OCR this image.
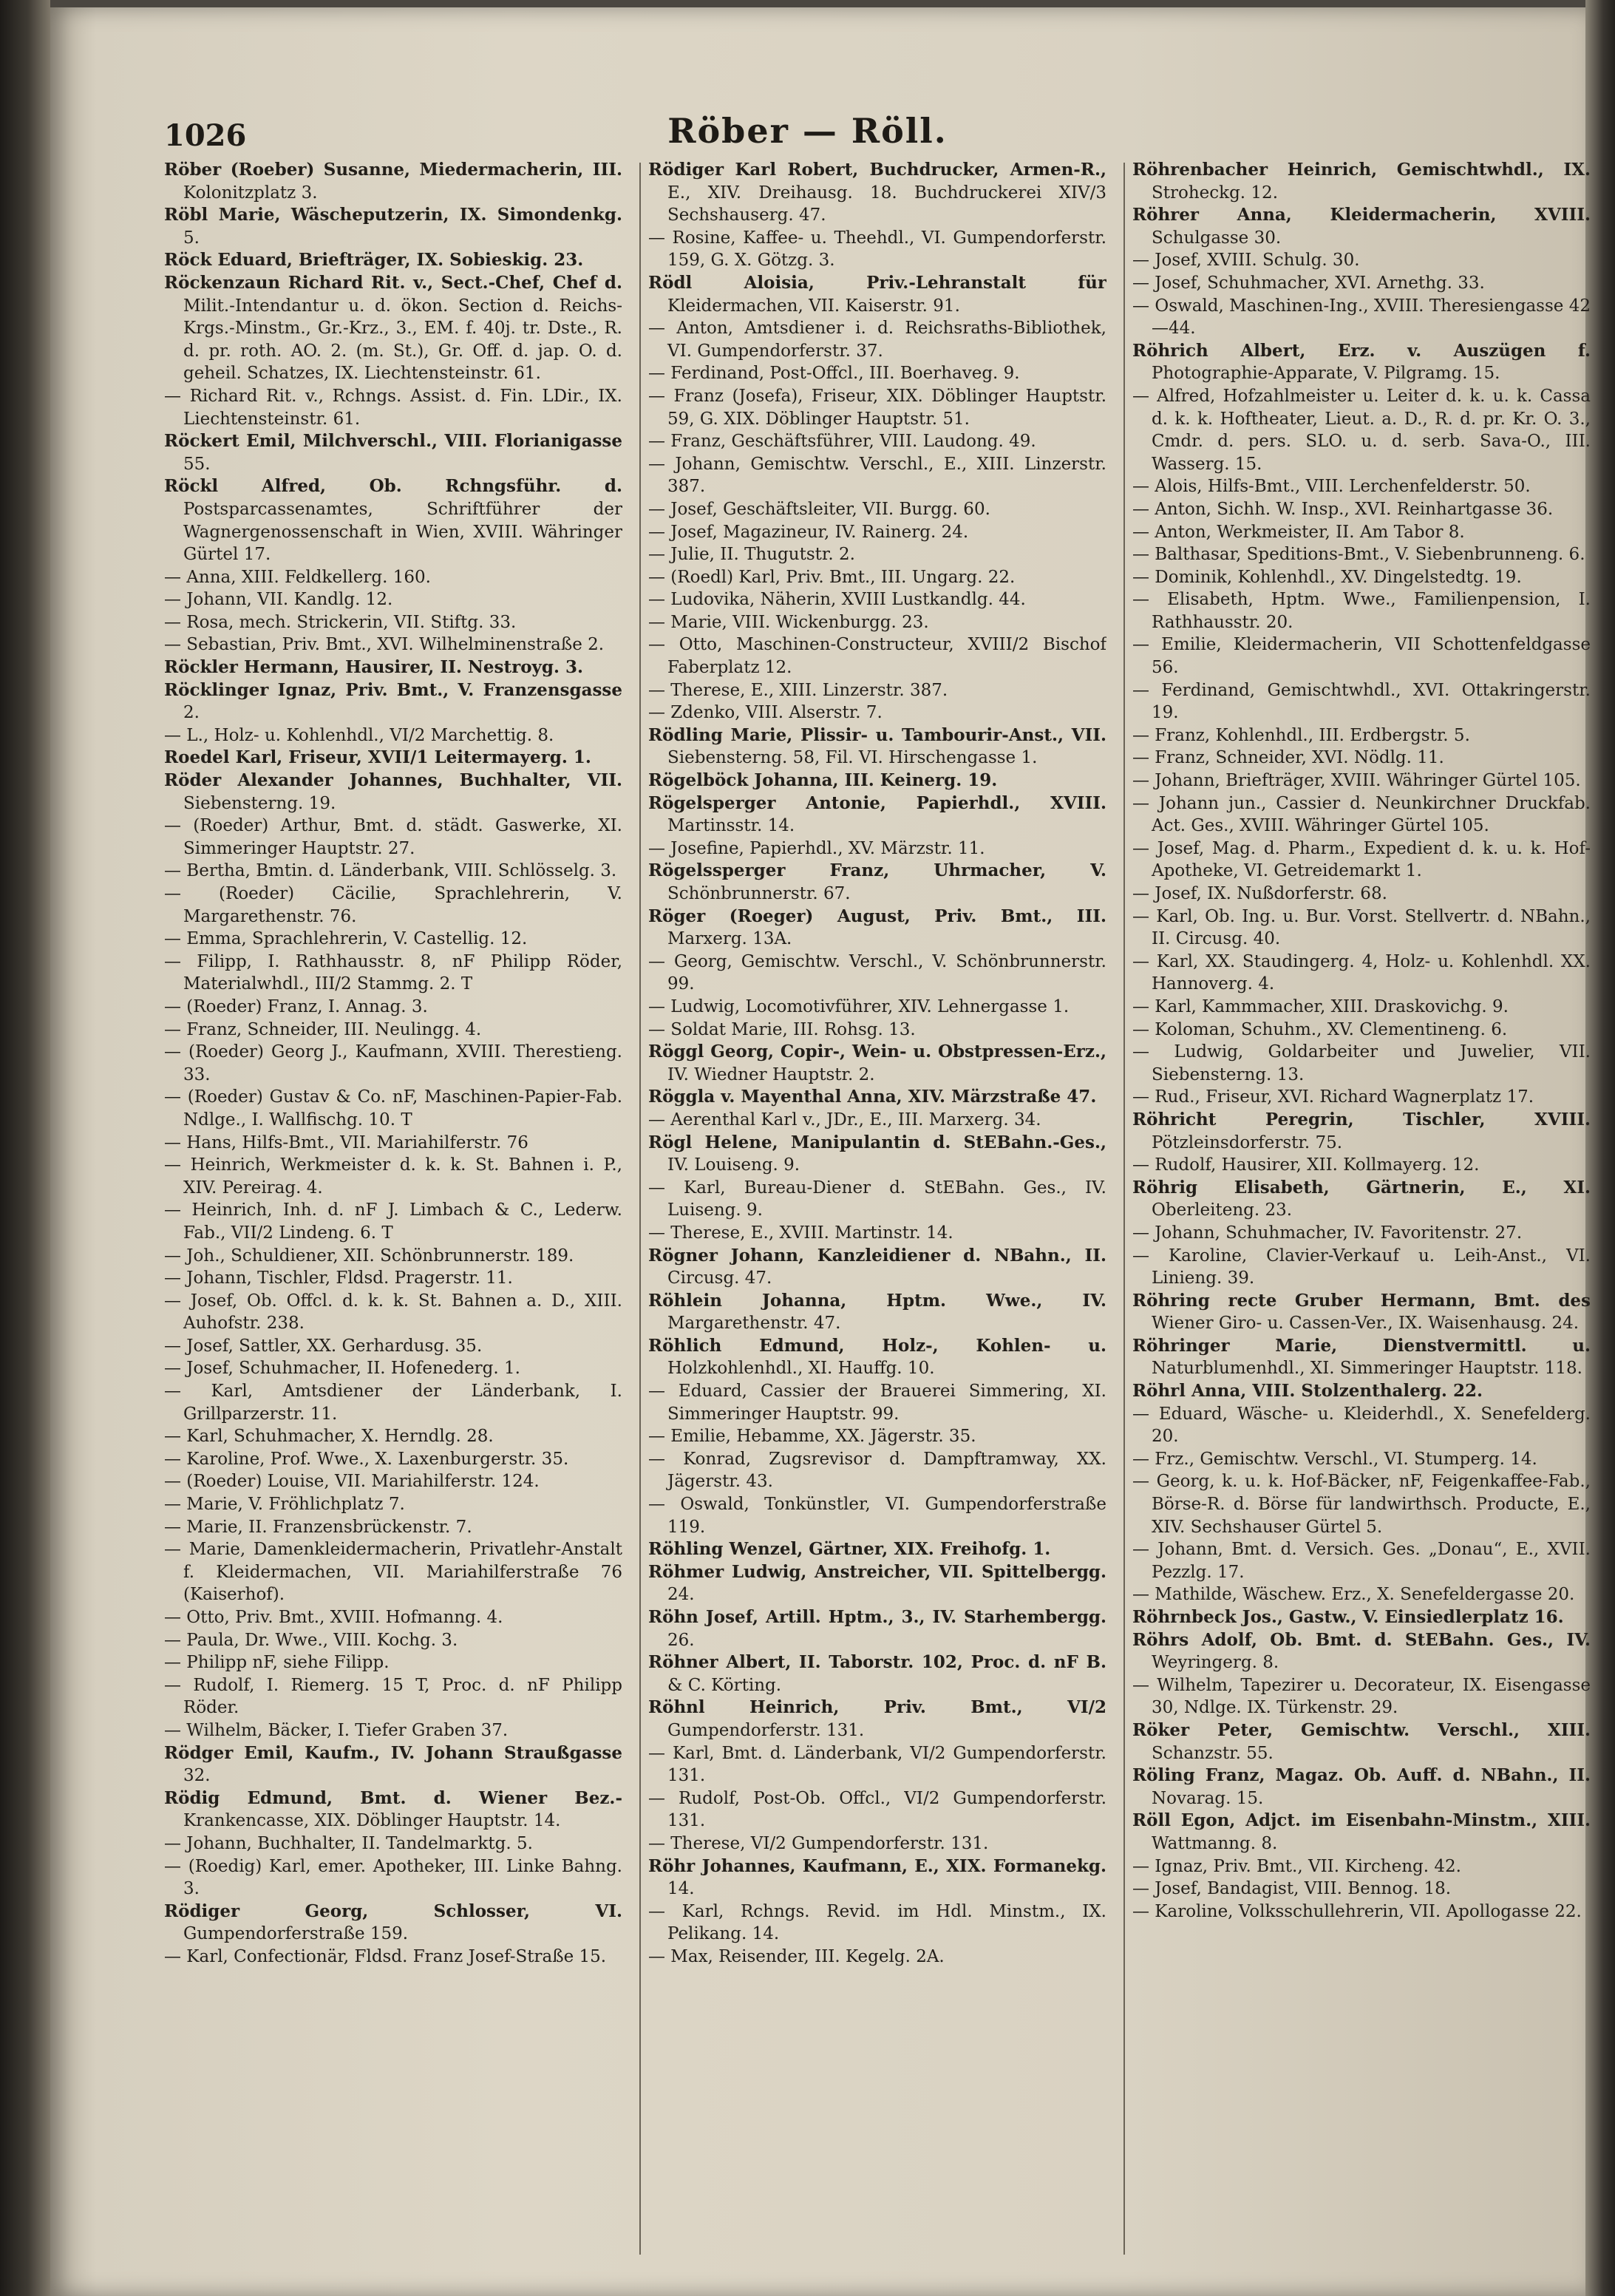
1026	Röber — Röll.

Röber (Roeber) Susanne, Miedermacherin, III. Kolonitzplatz 3.

Röbl Marie, Wäscheputzerin, IX. Simondenkg. 5.

Röck Eduard, Briefträger, IX. Sobieskig. 23.

Röckenzaun Richard Rit. v., Sect.-Chef, Chef d. Milit.-Intendantur u. d. ökon. Section d. Reichs-Krgs.-Minstm., Gr.-Krz., 3., EM. f. 40j. tr. Dste., R. d. pr. roth. AO. 2. (m. St.), Gr. Off. d. jap. O. d. geheil. Schatzes, IX. Liechtensteinstr. 61.

— Richard Rit. v., Rchngs. Assist. d. Fin. LDir., IX. Liechtensteinstr. 61.

Röckert Emil, Milchverschl., VIII. Florianigasse 55.

Röckl Alfred, Ob. Rchngsführ. d. Postsparcassenamtes, Schriftführer der Wagnergenossenschaft in Wien, XVIII. Währinger Gürtel 17.

— Anna, XIII. Feldkellerg. 160.

— Johann, VII. Kandlg. 12.

— Rosa, mech. Strickerin, VII. Stiftg. 33.

— Sebastian, Priv. Bmt., XVI. Wilhelminenstraße 2.

Röckler Hermann, Hausirer, II. Nestroyg. 3.

Röcklinger Ignaz, Priv. Bmt., V. Franzensgasse 2.

— L., Holz- u. Kohlenhdl., VI/2 Marchettig. 8.

Roedel Karl, Friseur, XVII/1 Leitermayerg. 1.

Röder Alexander Johannes, Buchhalter, VII. Siebensterng. 19.

— (Roeder) Arthur, Bmt. d. städt. Gaswerke, XI. Simmeringer Hauptstr. 27.

— Bertha, Bmtin. d. Länderbank, VIII. Schlösselg. 3.

— (Roeder) Cäcilie, Sprachlehrerin, V. Margarethenstr. 76.

— Emma, Sprachlehrerin, V. Castellig. 12.

— Filipp, I. Rathhausstr. 8, nF Philipp Röder, Materialwhdl., III/2 Stammg. 2. T

— (Roeder) Franz, I. Annag. 3.

— Franz, Schneider, III. Neulingg. 4.

— (Roeder) Georg J., Kaufmann, XVIII. Therestieng. 33.

— (Roeder) Gustav & Co. nF, Maschinen-Papier-Fab. Ndlge., I. Wallfischg. 10. T

— Hans, Hilfs-Bmt., VII. Mariahilferstr. 76

— Heinrich, Werkmeister d. k. k. St. Bahnen i. P., XIV. Pereirag. 4.

— Heinrich, Inh. d. nF J. Limbach & C., Lederw. Fab., VII/2 Lindeng. 6. T

— Joh., Schuldiener, XII. Schönbrunnerstr. 189.

— Johann, Tischler, Fldsd. Pragerstr. 11.

— Josef, Ob. Offcl. d. k. k. St. Bahnen a. D., XIII. Auhofstr. 238.

— Josef, Sattler, XX. Gerhardusg. 35.

— Josef, Schuhmacher, II. Hofenederg. 1.

— Karl, Amtsdiener der Länderbank, I. Grillparzerstr. 11.

— Karl, Schuhmacher, X. Herndlg. 28.

— Karoline, Prof. Wwe., X. Laxenburgerstr. 35.

— (Roeder) Louise, VII. Mariahilferstr. 124.

— Marie, V. Fröhlichplatz 7.

— Marie, II. Franzensbrückenstr. 7.

— Marie, Damenkleidermacherin, Privatlehr-Anstalt f. Kleidermachen, VII. Mariahilferstraße 76 (Kaiserhof).

— Otto, Priv. Bmt., XVIII. Hofmanng. 4.

— Paula, Dr. Wwe., VIII. Kochg. 3.

— Philipp nF, siehe Filipp.

— Rudolf, I. Riemerg. 15 T, Proc. d. nF Philipp Röder.

— Wilhelm, Bäcker, I. Tiefer Graben 37.

Rödger Emil, Kaufm., IV. Johann Straußgasse 32.

Rödig Edmund, Bmt. d. Wiener Bez.-Krankencasse, XIX. Döblinger Hauptstr. 14.

— Johann, Buchhalter, II. Tandelmarktg. 5.

— (Roedig) Karl, emer. Apotheker, III. Linke Bahng. 3.

Rödiger Georg, Schlosser, VI. Gumpendorferstraße 159.

— Karl, Confectionär, Fldsd. Franz Josef-Straße 15.

Rödiger Karl Robert, Buchdrucker, Armen-R., E., XIV. Dreihausg. 18. Buchdruckerei XIV/3 Sechshauserg. 47.

— Rosine, Kaffee- u. Theehdl., VI. Gumpendorferstr. 159, G. X. Götzg. 3.

Rödl Aloisia, Priv.-Lehranstalt für Kleidermachen, VII. Kaiserstr. 91.

— Anton, Amtsdiener i. d. Reichsraths-Bibliothek, VI. Gumpendorferstr. 37.

— Ferdinand, Post-Offcl., III. Boerhaveg. 9.

— Franz (Josefa), Friseur, XIX. Döblinger Hauptstr. 59, G. XIX. Döblinger Hauptstr. 51.

— Franz, Geschäftsführer, VIII. Laudong. 49.

— Johann, Gemischtw. Verschl., E., XIII. Linzerstr. 387.

— Josef, Geschäftsleiter, VII. Burgg. 60.

— Josef, Magazineur, IV. Rainerg. 24.

— Julie, II. Thugutstr. 2.

— (Roedl) Karl, Priv. Bmt., III. Ungarg. 22.

— Ludovika, Näherin, XVIII Lustkandlg. 44.

— Marie, VIII. Wickenburgg. 23.

— Otto, Maschinen-Constructeur, XVIII/2 Bischof Faberplatz 12.

— Therese, E., XIII. Linzerstr. 387.

— Zdenko, VIII. Alserstr. 7.

Rödling Marie, Plissir- u. Tambourir-Anst., VII. Siebensterng. 58, Fil. VI. Hirschengasse 1.

Rögelböck Johanna, III. Keinerg. 19.

Rögelsperger Antonie, Papierhdl., XVIII. Martinsstr. 14.

— Josefine, Papierhdl., XV. Märzstr. 11.

Rögelssperger Franz, Uhrmacher, V. Schönbrunnerstr. 67.

Röger (Roeger) August, Priv. Bmt., III. Marxerg. 13A.

— Georg, Gemischtw. Verschl., V. Schönbrunnerstr. 99.

— Ludwig, Locomotivführer, XIV. Lehnergasse 1.

— Soldat Marie, III. Rohsg. 13.

Röggl Georg, Copir-, Wein- u. Obstpressen-Erz., IV. Wiedner Hauptstr. 2.

Röggla v. Mayenthal Anna, XIV. Märzstraße 47.

— Aerenthal Karl v., JDr., E., III. Marxerg. 34.

Rögl Helene, Manipulantin d. StEBahn.-Ges., IV. Louiseng. 9.

— Karl, Bureau-Diener d. StEBahn. Ges., IV. Luiseng. 9.

— Therese, E., XVIII. Martinstr. 14.

Rögner Johann, Kanzleidiener d. NBahn., II. Circusg. 47.

Röhlein Johanna, Hptm. Wwe., IV. Margarethenstr. 47.

Röhlich Edmund, Holz-, Kohlen- u. Holzkohlenhdl., XI. Hauffg. 10.

— Eduard, Cassier der Brauerei Simmering, XI. Simmeringer Hauptstr. 99.

— Emilie, Hebamme, XX. Jägerstr. 35.

— Konrad, Zugsrevisor d. Dampftramway, XX. Jägerstr. 43.

— Oswald, Tonkünstler, VI. Gumpendorferstraße 119.

Röhling Wenzel, Gärtner, XIX. Freihofg. 1.

Röhmer Ludwig, Anstreicher, VII. Spittelbergg. 24.

Röhn Josef, Artill. Hptm., 3., IV. Starhembergg. 26.

Röhner Albert, II. Taborstr. 102, Proc. d. nF B. & C. Körting.

Röhnl Heinrich, Priv. Bmt., VI/2 Gumpendorferstr. 131.

— Karl, Bmt. d. Länderbank, VI/2 Gumpendorferstr. 131.

— Rudolf, Post-Ob. Offcl., VI/2 Gumpendorferstr. 131.

— Therese, VI/2 Gumpendorferstr. 131.

Röhr Johannes, Kaufmann, E., XIX. Formanekg. 14.

— Karl, Rchngs. Revid. im Hdl. Minstm., IX. Pelikang. 14.

— Max, Reisender, III. Kegelg. 2A.

Röhrenbacher Heinrich, Gemischtwhdl., IX. Stroheckg. 12.

Röhrer Anna, Kleidermacherin, XVIII. Schulgasse 30.

— Josef, XVIII. Schulg. 30.

— Josef, Schuhmacher, XVI. Arnethg. 33.

— Oswald, Maschinen-Ing., XVIII. Theresiengasse 42—44.

Röhrich Albert, Erz. v. Auszügen f. Photographie-Apparate, V. Pilgramg. 15.

— Alfred, Hofzahlmeister u. Leiter d. k. u. k. Cassa d. k. k. Hoftheater, Lieut. a. D., R. d. pr. Kr. O. 3., Cmdr. d. pers. SLO. u. d. serb. Sava-O., III. Wasserg. 15.

— Alois, Hilfs-Bmt., VIII. Lerchenfelderstr. 50.

— Anton, Sichh. W. Insp., XVI. Reinhartgasse 36.

— Anton, Werkmeister, II. Am Tabor 8.

— Balthasar, Speditions-Bmt., V. Siebenbrunneng. 6.

— Dominik, Kohlenhdl., XV. Dingelstedtg. 19.

— Elisabeth, Hptm. Wwe., Familienpension, I. Rathhausstr. 20.

— Emilie, Kleidermacherin, VII Schottenfeldgasse 56.

— Ferdinand, Gemischtwhdl., XVI. Ottakringerstr. 19.

— Franz, Kohlenhdl., III. Erdbergstr. 5.

— Franz, Schneider, XVI. Nödlg. 11.

— Johann, Briefträger, XVIII. Währinger Gürtel 105.

— Johann jun., Cassier d. Neunkirchner Druckfab. Act. Ges., XVIII. Währinger Gürtel 105.

— Josef, Mag. d. Pharm., Expedient d. k. u. k. Hof-Apotheke, VI. Getreidemarkt 1.

— Josef, IX. Nußdorferstr. 68.

— Karl, Ob. Ing. u. Bur. Vorst. Stellvertr. d. NBahn., II. Circusg. 40.

— Karl, XX. Staudingerg. 4, Holz- u. Kohlenhdl. XX. Hannoverg. 4.

— Karl, Kammmacher, XIII. Draskovichg. 9.

— Koloman, Schuhm., XV. Clementineng. 6.

— Ludwig, Goldarbeiter und Juwelier, VII. Siebensterng. 13.

— Rud., Friseur, XVI. Richard Wagnerplatz 17.

Röhricht Peregrin, Tischler, XVIII. Pötzleinsdorferstr. 75.

— Rudolf, Hausirer, XII. Kollmayerg. 12.

Röhrig Elisabeth, Gärtnerin, E., XI. Oberleiteng. 23.

— Johann, Schuhmacher, IV. Favoritenstr. 27.

— Karoline, Clavier-Verkauf u. Leih-Anst., VI. Linieng. 39.

Röhring recte Gruber Hermann, Bmt. des Wiener Giro- u. Cassen-Ver., IX. Waisenhausg. 24.

Röhringer Marie, Dienstvermittl. u. Naturblumenhdl., XI. Simmeringer Hauptstr. 118.

Röhrl Anna, VIII. Stolzenthalerg. 22.

— Eduard, Wäsche- u. Kleiderhdl., X. Senefelderg. 20.

— Frz., Gemischtw. Verschl., VI. Stumperg. 14.

— Georg, k. u. k. Hof-Bäcker, nF, Feigenkaffee-Fab., Börse-R. d. Börse für landwirthsch. Producte, E., XIV. Sechshauser Gürtel 5.

— Johann, Bmt. d. Versich. Ges. „Donau“, E., XVII. Pezzlg. 17.

— Mathilde, Wäschew. Erz., X. Senefeldergasse 20.

Röhrnbeck Jos., Gastw., V. Einsiedlerplatz 16.

Röhrs Adolf, Ob. Bmt. d. StEBahn. Ges., IV. Weyringerg. 8.

— Wilhelm, Tapezirer u. Decorateur, IX. Eisengasse 30, Ndlge. IX. Türkenstr. 29.

Röker Peter, Gemischtw. Verschl., XIII. Schanzstr. 55.

Röling Franz, Magaz. Ob. Auff. d. NBahn., II. Novarag. 15.

Röll Egon, Adjct. im Eisenbahn-Minstm., XIII. Wattmanng. 8.

— Ignaz, Priv. Bmt., VII. Kircheng. 42.

— Josef, Bandagist, VIII. Bennog. 18.

— Karoline, Volksschullehrerin, VII. Apollogasse 22.
